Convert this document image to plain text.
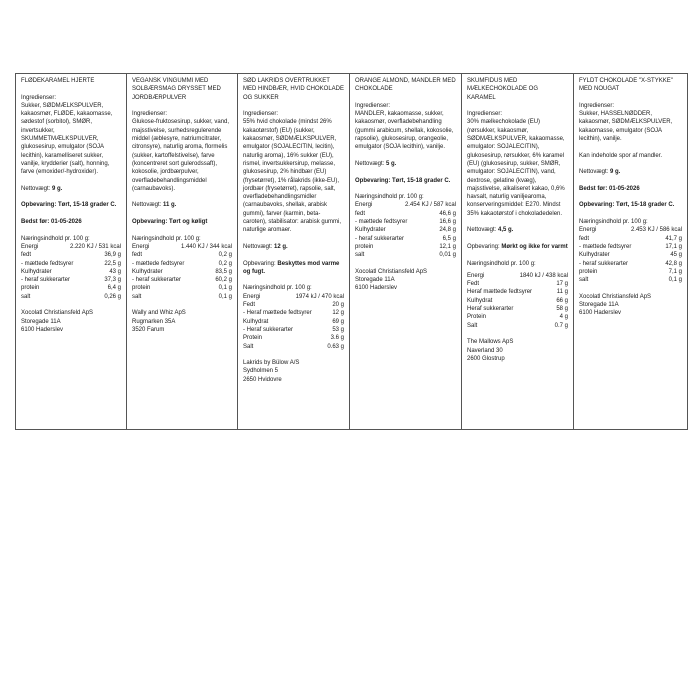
FLØDEKARAMEL HJERTE

Ingredienser:

Sukker, SØDMÆLKSPULVER, kakaosmør, FLØDE, kakaomasse, sødestof (sorbitol), SMØR, invertsukker, SKUMMETMÆLKSPULVER, glukosesirup, emulgator (SOJA lecithin), karamelliseret sukker, vanilje, krydderier (salt), honning, farve (emoxider/-hydroxider).

Nettovægt: 9 g.

Opbevaring: Tørt, 15-18 grader C.

Bedst før: 01-05-2026

Næringsindhold pr. 100 g:

Energi	2.220 KJ / 531 kcal
fedt	36,9 g
- mættede fedtsyrer	22,5 g
Kulhydrater	43 g
- heraf sukkerarter	37,3 g
protein	6,4 g
salt	0,26 g

Xocolatl Christiansfeld ApS

Storegade 11A

6100 Haderslev

VEGANSK VINGUMMI MED SOLBÆRSMAG DRYSSET MED JORDBÆRPULVER

Ingredienser:

Glukose-fruktosesirup, sukker, vand, majsstivelse, surhedsregulerende middel (æblesyre, natriumcitrater, citronsyre), naturlig aroma, flormelis (sukker, kartoffelstivelse), farve (koncentreret sort gulerodssaft), kokosolie, jordbærpulver, overfladebehandlingsmiddel (carnaubavoks).

Nettovægt: 11 g.

Opbevaring: Tørt og køligt

Næringsindhold pr. 100 g:

Energi	1.440 KJ / 344 kcal
fedt	0,2 g
- mættede fedtsyrer	0,2 g
Kulhydrater	83,5 g
- heraf sukkerarter	60,2 g
protein	0,1 g
salt	0,1 g

Wally and Whiz ApS

Rugmarken 35A

3520 Farum

SØD LAKRIDS OVERTRUKKET MED HINDBÆR, HVID CHOKOLADE OG SUKKER

Ingredienser:

55% hvid chokolade (mindst 26% kakaotørstof) (EU) (sukker, kakaosmør, SØDMÆLKSPULVER, emulgator (SOJALECITIN, lecitin), naturlig aroma), 16% sukker (EU), rismel, invertsukkersirup, melasse, glukosesirup, 2% hindbær (EU) (frysetørret), 1% rålakrids (ikke-EU), jordbær (frysetørret), rapsolie, salt, overfladebehandlingsmidler (carnaubavoks, shellak, arabisk gummi), farver (karmin, beta-caroten), stabilisator: arabisk gummi, naturlige aromaer.

Nettovægt: 12 g.

Opbevaring: Beskyttes mod varme og fugt.

Næringsindhold pr. 100 g:

Energi	1974 kJ / 470 kcal
Fedt	20 g
- Heraf mættede fedtsyrer	12 g
Kulhydrat	69 g
- Heraf sukkerarter	53 g
Protein	3.6 g
Salt	0.63 g

Lakrids by Bülow A/S

Sydholmen 5

2650 Hvidovre

ORANGE ALMOND, MANDLER MED CHOKOLADE

Ingredienser:

MANDLER, kakaomasse, sukker, kakaosmør, overfladebehandling (gummi arabicum, shellak, kokosolie, rapsolie), glukosesirup, orangeolie, emulgator (SOJA lecithin), vanilje.

Nettovægt: 5 g.

Opbevaring: Tørt, 15-18 grader C.

Næringsindhold pr. 100 g:

Energi	2.454 KJ / 587 kcal
fedt	46,6 g
- mættede fedtsyrer	16,6 g
Kulhydrater	24,8 g
- heraf sukkerarter	6,5 g
protein	12,1 g
salt	0,01 g

Xocolatl Christiansfeld ApS

Storegade 11A

6100 Haderslev

SKUMFIDUS MED MÆLKECHOKOLADE OG KARAMEL

Ingredienser:

30% mælkechokolade (EU) (rørsukker, kakaosmør, SØDMÆLKSPULVER, kakaomasse, emulgator: SOJALECITIN), glukosesirup, rørsukker, 6% karamel (EU) (glukosesirup, sukker, SMØR, emulgator: SOJALECITIN), vand, dextrose, gelatine (kvæg), majsstivelse, alkaliseret kakao, 0,6% havsalt, naturlig vaniljearoma, konserveringsmiddel: E270. Mindst 35% kakaotørstof i chokoladedelen.

Nettovægt: 4,5 g.

Opbevaring: Mørkt og ikke for varmt

Næringsindhold pr. 100 g:

Energi	1840 kJ / 438 kcal
Fedt	17 g
Heraf mættede fedtsyrer	11 g
Kulhydrat	66 g
Heraf sukkerarter	58 g
Protein	4 g
Salt	0.7 g

The Mallows ApS

Naverland 30

2600 Glostrup

FYLDT CHOKOLADE "X-STYKKE" MED NOUGAT

Ingredienser:

Sukker, HASSELNØDDER, kakaosmør, SØDMÆLKSPULVER, kakaomasse, emulgator (SOJA lecithin), vanilje.

Kan indeholde spor af mandler.

Nettovægt: 9 g.

Bedst før: 01-05-2026

Opbevaring: Tørt, 15-18 grader C.

Næringsindhold pr. 100 g:

Energi	2.453 KJ / 586 kcal
fedt	41,7 g
- mættede fedtsyrer	17,1 g
Kulhydrater	45 g
- heraf sukkerarter	42,8 g
protein	7,1 g
salt	0,1 g

Xocolatl Christiansfeld ApS

Storegade 11A

6100 Haderslev
